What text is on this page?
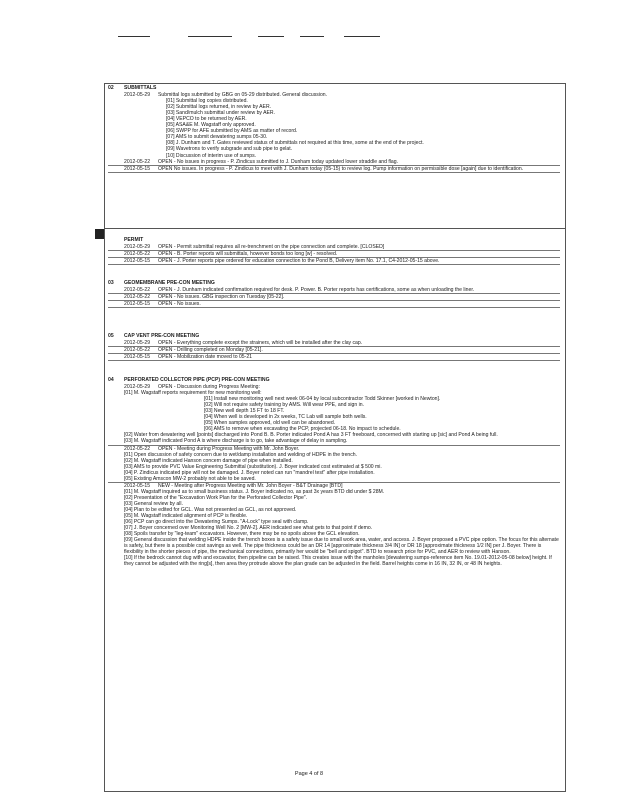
02	SUBMITTALS
2012-05-29	Submittal logs submitted by GBG on 05-29 distributed. General discussion.
[01] Submittal log copies distributed.
[02] Submittal logs returned, in review by AER.
[03] Sand/mulch submittal under review by AER.
[04] VEPCO to be returned by AER.
[05] ASA&E M. Wagstaff only approved.
[06] SWPP for AFE submitted by AMS as matter of record.
[07] AMS to submit dewatering sumps 05-30.
[08] J. Dunham and T. Gates reviewed status of submittals not required at this time, some at the end of the project.
[09] Wavetrons to verify subgrade and sub pipe to gelat.
[10] Discussion of interim use of sumps.
2012-05-22	OPEN - No issues in progress - P. Zindicus submitted to J. Dunham today updated lower straddle and flag.
2012-05-15	OPEN No issues. In progress - P. Zindicus to meet with J. Dunham today (05-15) to review log. Pump information on permissible dose [again] due to identification.
PERMIT
2012-05-29	OPEN - Permit submittal requires all re-trenchment on the pipe connection and complete. [CLOSED]
2012-05-22	OPEN - B. Porter reports will submittals, however bonds too long [w] - resolved.
2012-05-15	OPEN - J. Porter reports pipe ordered for education connection to the Pond B, Delivery item No. 17.1, C4-2012-05-15 above.
03	GEOMEMBRANE PRE-CON MEETING
2012-05-22	OPEN - J. Dunham indicated confirmation required for desk. P. Power. B. Porter reports has certifications, some as when unloading the liner.
2012-05-22	OPEN - No issues. GBG inspection on Tuesday [05-22].
2012-05-15	OPEN - No issues.
05	CAP VENT PRE-CON MEETING
2012-05-29	OPEN - Everything complete except the strainers, which will be installed after the clay cap.
2012-05-22	OPEN - Drilling completed on Monday [05-21].
2012-05-15	OPEN - Mobilization date moved to 05-21
04	PERFORATED COLLECTOR PIPE (PCP) PRE-CON MEETING
2012-05-29	OPEN - Discussion during Progress Meeting:
[01] M. Wagstaff reports requirement for new monitoring well:
[01] Install new monitoring well next week 06-04 by local subcontractor Todd Skinner [worked in Newton].
[02] Will not require safety training by AMS. Will wear PPE, and sign in.
[03] New well depth 15 FT to 18 FT.
[04] When well is developed in 2x weeks, TC Lab will sample both wells.
[05] When samples approved, old well can be abandoned.
[06] AMS to remove when excavating the PCP, projected 06-18. No impact to schedule.
[02] Water from dewatering well [points] discharged into Pond B. B. Porter indicated Pond A has 3 FT freeboard, concerned with starting up [sic] and Pond A being full.
[03] M. Wagstaff indicated Pond A is where discharge is to go, take advantage of delay in sampling.
2012-05-22	OPEN - Meeting during Progress Meeting with Mr. John Boyer.
[01] Open discussion of safety concern due to wet/damp installation and welding of HDPE in the trench.
[02] M. Wagstaff indicated Hanson concern damage of pipe when installed.
[03] AMS to provide PVC Value Engineering Submittal (substitution). J. Boyer indicated cost estimated at $ 500 mi.
[04] P. Zindicus indicated pipe will not be damaged. J. Boyer noted can run "mandrel test" after pipe installation.
[05] Existing Amscon MW-2 probably not able to be saved.
2012-05-15	NEW - Meeting after Progress Meeting with Mr. John Boyer - B&T Drainage [BTD]
[01] M. Wagstaff inquired as to small business status. J. Boyer indicated no, as past 3x years BTD did under $ 28M.
[02] Presentation of the "Excavation Work Plan for the Perforated Collector Pipe".
[03] General review by all.
[04] Plan to be edited for GCL. Was not presented as GCL, as not approved.
[05] M. Wagstaff indicated alignment of PCP is flexible.
[06] PCP can go direct into the Dewatering Sumps. "A-Lock" type seal with clamp.
[07] J. Boyer concerned over Monitoring Well No. 2 [MW-2]. AER indicated see what gets to that point if demo.
[08] Spoils transfer by "leg-team" excavators. However, there may be no spoils above the GCL elevation.
[09] General discussion that welding HDPE inside the trench boxes is a safety issue due to small work area, water, and access. J. Boyer proposed a PVC pipe option. The focus for this alternate is safety, but there is a possible cost savings as well. The pipe thickness could be an DR 14 [approximate thickness 3/4 IN] or DR 18 [approximate thickness 1/2 IN] per J. Boyer. There is flexibility in the shorter pieces of pipe, the mechanical connections, primarily her would be "bell and spigot". BTD to research price for PVC, and AER to review with Hanson.
[10] If the bedrock cannot dug with and excavator, then pipeline can be raised. This creates issue with the manholes [dewatering sumps-reference item No. 19.01-2012-05-08 below] height. If they cannot be adjusted with the ring[s], then area they protrude above the plan grade can be adjusted in the field. Barrel heights come in 16 IN, 32 IN, or 48 IN heights.
Page 4 of 8
